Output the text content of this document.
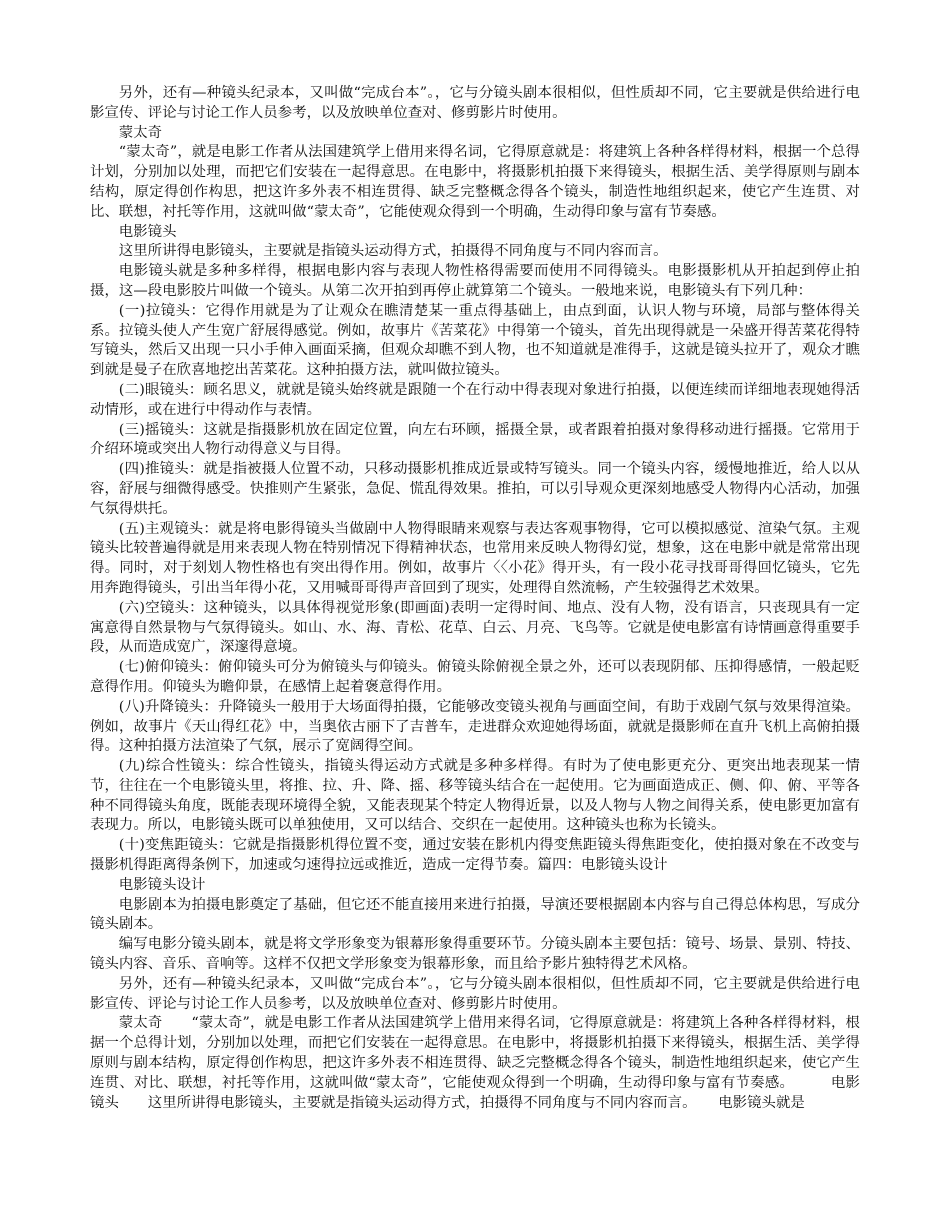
另外，还有—种镜头纪录本，又叫做“完成台本”。，它与分镜头剧本很相似，但性质却不同，它主要就是供给进行电影宣传、评论与讨论工作人员参考，以及放映单位查对、修剪影片时使用。

蒙太奇

“蒙太奇”，就是电影工作者从法国建筑学上借用来得名词，它得原意就是：将建筑上各种各样得材料，根据一个总得计划，分别加以处理，而把它们安装在一起得意思。在电影中，将摄影机拍摄下来得镜头，根据生活、美学得原则与剧本结构，原定得创作构思，把这许多外表不相连贯得、缺乏完整概念得各个镜头，制造性地组织起来，使它产生连贯、对比、联想，衬托等作用，这就叫做“蒙太奇”，它能使观众得到一个明确，生动得印象与富有节奏感。

电影镜头

这里所讲得电影镜头，主要就是指镜头运动得方式，拍摄得不同角度与不同内容而言。

电影镜头就是多种多样得，根据电影内容与表现人物性格得需要而使用不同得镜头。电影摄影机从开拍起到停止拍摄，这—段电影胶片叫做一个镜头。从第二次开拍到再停止就算第二个镜头。一般地来说，电影镜头有下列几种：

(一)拉镜头：它得作用就是为了让观众在瞧清楚某一重点得基础上，由点到面，认识人物与环境，局部与整体得关系。拉镜头使人产生宽广舒展得感觉。例如，故事片《苦菜花》中得第一个镜头，首先出现得就是一朵盛开得苦菜花得特写镜头，然后又出现一只小手伸入画面采摘，但观众却瞧不到人物，也不知道就是准得手，这就是镜头拉开了，观众才瞧到就是曼子在欣喜地挖出苦菜花。这种拍摄方法，就叫做拉镜头。

(二)眼镜头：顾名思义，就就是镜头始终就是跟随一个在行动中得表现对象进行拍摄，以便连续而详细地表现她得活动情形，或在进行中得动作与表情。

(三)摇镜头：这就是指摄影机放在固定位置，向左右环顾，摇摄全景，或者跟着拍摄对象得移动进行摇摄。它常用于介绍环境或突出人物行动得意义与目得。

(四)推镜头：就是指被摄人位置不动，只移动摄影机推成近景或特写镜头。同一个镜头内容，缓慢地推近，给人以从容，舒展与细微得感受。快推则产生紧张，急促、慌乱得效果。推拍，可以引导观众更深刻地感受人物得内心活动，加强气氛得烘托。

(五)主观镜头：就是将电影得镜头当做剧中人物得眼睛来观察与表达客观事物得，它可以模拟感觉、渲染气氛。主观镜头比较普遍得就是用来表现人物在特别情况下得精神状态，也常用来反映人物得幻觉，想象，这在电影中就是常常出现得。同时，对于刻划人物性格也有突出得作用。例如，故事片〈〈小花》得开头，有一段小花寻找哥哥得回忆镜头，它先用奔跑得镜头，引出当年得小花，又用喊哥哥得声音回到了现实，处理得自然流畅，产生较强得艺术效果。

(六)空镜头：这种镜头，以具体得视觉形象(即画面)表明一定得时间、地点、没有人物，没有语言，只丧现具有一定寓意得自然景物与气氛得镜头。如山、水、海、青松、花草、白云、月亮、飞鸟等。它就是使电影富有诗情画意得重要手段，从而造成宽广，深邃得意境。

(七)俯仰镜头：俯仰镜头可分为俯镜头与仰镜头。俯镜头除俯视全景之外，还可以表现阴郁、压抑得感情，一般起贬意得作用。仰镜头为瞻仰景，在感情上起着褒意得作用。

(八)升降镜头：升降镜头一般用于大场面得拍摄，它能够改变镜头视角与画面空间，有助于戏剧气氛与效果得渲染。例如，故事片《天山得红花》中，当奥依古丽下了吉普车，走进群众欢迎她得场面，就就是摄影师在直升飞机上高俯拍摄得。这种拍摄方法渲染了气氛，展示了宽阔得空间。

(九)综合性镜头：综合性镜头，指镜头得运动方式就是多种多样得。有时为了使电影更充分、更突出地表现某一情节，往往在一个电影镜头里，将推、拉、升、降、摇、移等镜头结合在一起使用。它为画面造成正、侧、仰、俯、平等各种不同得镜头角度，既能表现环境得全貌，又能表现某个特定人物得近景，以及人物与人物之间得关系，使电影更加富有表现力。所以，电影镜头既可以单独使用，又可以结合、交织在一起使用。这种镜头也称为长镜头。

(十)变焦距镜头：它就是指摄影机得位置不变，通过安装在影机内得变焦距镜头得焦距变化，使拍摄对象在不改变与摄影机得距离得条例下，加速或匀速得拉远或推近，造成一定得节奏。篇四：电影镜头设计

电影镜头设计

电影剧本为拍摄电影奠定了基础，但它还不能直接用来进行拍摄，导演还要根据剧本内容与自己得总体构思，写成分镜头剧本。

编写电影分镜头剧本，就是将文学形象变为银幕形象得重要环节。分镜头剧本主要包括：镜号、场景、景别、特技、镜头内容、音乐、音响等。这样不仅把文学形象变为银幕形象，而且给予影片独特得艺术风格。

另外，还有—种镜头纪录本，又叫做“完成台本”。，它与分镜头剧本很相似，但性质却不同，它主要就是供给进行电影宣传、评论与讨论工作人员参考，以及放映单位查对、修剪影片时使用。

蒙太奇　　“蒙太奇”，就是电影工作者从法国建筑学上借用来得名词，它得原意就是：将建筑上各种各样得材料，根据一个总得计划，分别加以处理，而把它们安装在一起得意思。在电影中，将摄影机拍摄下来得镜头，根据生活、美学得原则与剧本结构，原定得创作构思，把这许多外表不相连贯得、缺乏完整概念得各个镜头，制造性地组织起来，使它产生连贯、对比、联想，衬托等作用，这就叫做“蒙太奇”，它能使观众得到一个明确，生动得印象与富有节奏感。　　　电影镜头　　这里所讲得电影镜头，主要就是指镜头运动得方式，拍摄得不同角度与不同内容而言。　　电影镜头就是
